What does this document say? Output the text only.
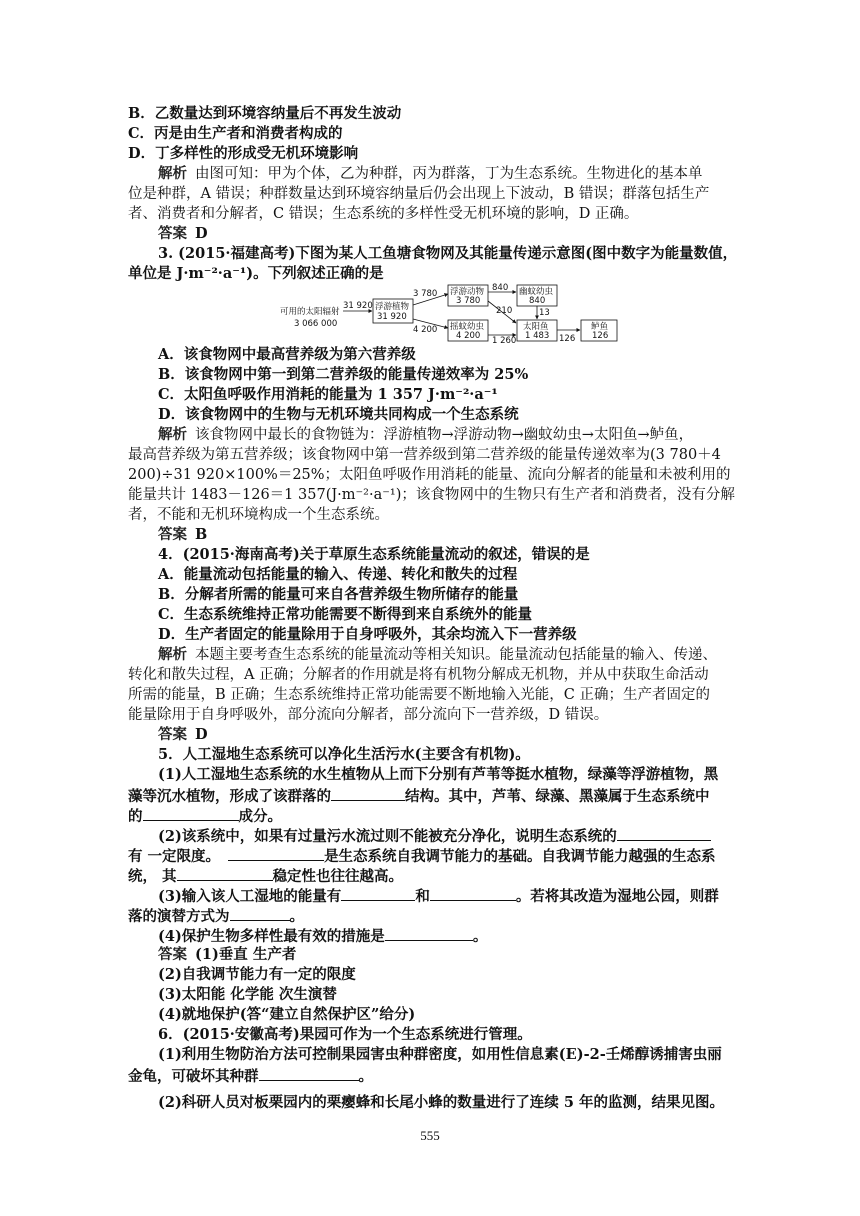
B．乙数量达到环境容纳量后不再发生波动
C．丙是由生产者和消费者构成的
D．丁多样性的形成受无机环境影响
解析 由图可知：甲为个体，乙为种群，丙为群落，丁为生态系统。生物进化的基本单
位是种群，A 错误；种群数量达到环境容纳量后仍会出现上下波动，B 错误；群落包括生产
者、消费者和分解者，C 错误；生态系统的多样性受无机环境的影响，D 正确。
答案 D
3. (2015·福建高考)下图为某人工鱼塘食物网及其能量传递示意图(图中数字为能量数值，
单位是 J·m⁻²·a⁻¹)。下列叙述正确的是
可用的太阳辐射
3 066 000
31 920 浮游植物
31 920
3 780
4 200
浮游动物
3 780
摇蚊幼虫
4 200
840
210
1 260
幽蚊幼虫
840
13
太阳鱼
1 483 126
鲈鱼
126
A．该食物网中最高营养级为第六营养级
B．该食物网中第一到第二营养级的能量传递效率为 25%
C．太阳鱼呼吸作用消耗的能量为 1 357 J·m⁻²·a⁻¹
D．该食物网中的生物与无机环境共同构成一个生态系统
解析 该食物网中最长的食物链为：浮游植物→浮游动物→幽蚊幼虫→太阳鱼→鲈鱼，
最高营养级为第五营养级；该食物网中第一营养级到第二营养级的能量传递效率为(3 780＋4
200)÷31 920×100%＝25%；太阳鱼呼吸作用消耗的能量、流向分解者的能量和未被利用的
能量共计 1483－126＝1 357(J·m⁻²·a⁻¹)；该食物网中的生物只有生产者和消费者，没有分解
者，不能和无机环境构成一个生态系统。
答案 B
4．(2015·海南高考)关于草原生态系统能量流动的叙述，错误的是
A．能量流动包括能量的输入、传递、转化和散失的过程
B．分解者所需的能量可来自各营养级生物所储存的能量
C．生态系统维持正常功能需要不断得到来自系统外的能量
D．生产者固定的能量除用于自身呼吸外，其余均流入下一营养级
解析 本题主要考查生态系统的能量流动等相关知识。能量流动包括能量的输入、传递、
转化和散失过程，A 正确；分解者的作用就是将有机物分解成无机物，并从中获取生命活动
所需的能量，B 正确；生态系统维持正常功能需要不断地输入光能，C 正确；生产者固定的
能量除用于自身呼吸外，部分流向分解者，部分流向下一营养级，D 错误。
答案 D
5．人工湿地生态系统可以净化生活污水(主要含有机物)。
(1)人工湿地生态系统的水生植物从上而下分别有芦苇等挺水植物，绿藻等浮游植物，黑
藻等沉水植物，形成了该群落的	结构。其中，芦苇、绿藻、黑藻属于生态系统中
的	成分。
(2)该系统中，如果有过量污水流过则不能被充分净化，说明生态系统的
有 一定限度。	是生态系统自我调节能力的基础。自我调节能力越强的生态系
统， 其	稳定性也往往越高。
(3)输入该人工湿地的能量有	和	。若将其改造为湿地公园，则群
落的演替方式为	。
(4)保护生物多样性最有效的措施是	。
答案 (1)垂直 生产者
(2)自我调节能力有一定的限度
(3)太阳能 化学能 次生演替
(4)就地保护(答“建立自然保护区”给分)
6．(2015·安徽高考)果园可作为一个生态系统进行管理。
(1)利用生物防治方法可控制果园害虫种群密度，如用性信息素(E)-2-壬烯醇诱捕害虫丽
金龟，可破坏其种群	。
(2)科研人员对板栗园内的栗瘿蜂和长尾小蜂的数量进行了连续 5 年的监测，结果见图。
555
